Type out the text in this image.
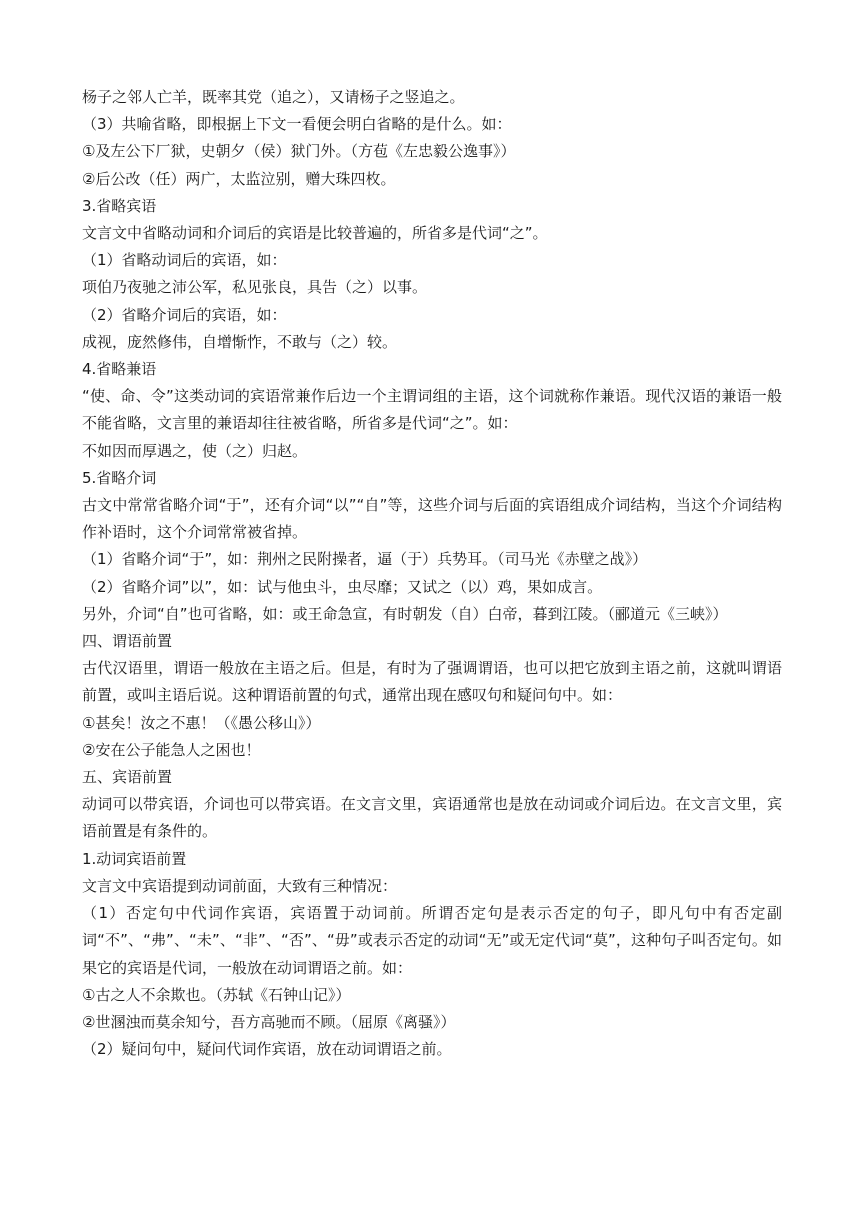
杨子之邻人亡羊，既率其党（追之），又请杨子之竖追之。

（3）共喻省略，即根据上下文一看便会明白省略的是什么。如：

①及左公下厂狱，史朝夕（侯）狱门外。（方苞《左忠毅公逸事》）

②后公改（任）两广，太监泣别，赠大珠四枚。

3.省略宾语

文言文中省略动词和介词后的宾语是比较普遍的，所省多是代词“之”。

（1）省略动词后的宾语，如：

项伯乃夜驰之沛公军，私见张良，具告（之）以事。

（2）省略介词后的宾语，如：

成视，庞然修伟，自增惭怍，不敢与（之）较。

4.省略兼语

“使、命、令”这类动词的宾语常兼作后边一个主谓词组的主语，这个词就称作兼语。现代汉语的兼语一般不能省略，文言里的兼语却往往被省略，所省多是代词“之”。如：

不如因而厚遇之，使（之）归赵。

5.省略介词

古文中常常省略介词“于”，还有介词“以”“自”等，这些介词与后面的宾语组成介词结构，当这个介词结构作补语时，这个介词常常被省掉。

（1）省略介词“于”，如：荆州之民附操者，逼（于）兵势耳。（司马光《赤壁之战》）

（2）省略介词”以”，如：试与他虫斗，虫尽靡；又试之（以）鸡，果如成言。

另外，介词“自”也可省略，如：或王命急宣，有时朝发（自）白帝，暮到江陵。（郦道元《三峡》）

四、谓语前置

古代汉语里，谓语一般放在主语之后。但是，有时为了强调谓语，也可以把它放到主语之前，这就叫谓语前置，或叫主语后说。这种谓语前置的句式，通常出现在感叹句和疑问句中。如：

①甚矣！汝之不惠！（《愚公移山》）

②安在公子能急人之困也！

五、宾语前置

动词可以带宾语，介词也可以带宾语。在文言文里，宾语通常也是放在动词或介词后边。在文言文里，宾语前置是有条件的。

1.动词宾语前置

文言文中宾语提到动词前面，大致有三种情况：

（1）否定句中代词作宾语，宾语置于动词前。所谓否定句是表示否定的句子，即凡句中有否定副词“不”、“弗”、“未”、“非”、“否”、“毋”或表示否定的动词“无”或无定代词“莫”，这种句子叫否定句。如果它的宾语是代词，一般放在动词谓语之前。如：

①古之人不余欺也。（苏轼《石钟山记》）

②世溷浊而莫余知兮，吾方高驰而不顾。（屈原《离骚》）

（2）疑问句中，疑问代词作宾语，放在动词谓语之前。
